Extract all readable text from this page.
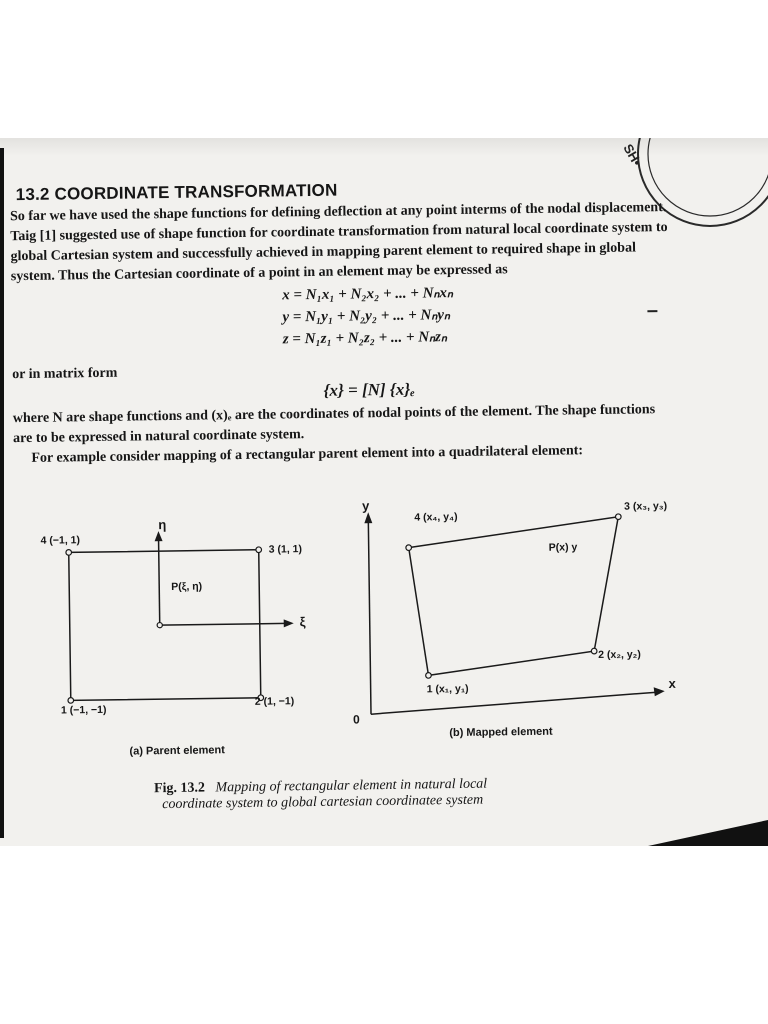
SH•
13.2 COORDINATE TRANSFORMATION
So far we have used the shape functions for defining deflection at any point interms of the nodal displacement.
Taig [1] suggested use of shape function for coordinate transformation from natural local coordinate system to
global Cartesian system and successfully achieved in mapping parent element to required shape in global
system. Thus the Cartesian coordinate of a point in an element may be expressed as
x = N₁x₁ + N₂x₂ + ... + Nₙxₙ
y = N₁y₁ + N₂y₂ + ... + Nₙyₙ
z = N₁z₁ + N₂z₂ + ... + Nₙzₙ
or in matrix form
{x} = [N] {x}ₑ
where N are shape functions and (x)ₑ are the coordinates of nodal points of the element. The shape functions
are to be expressed in natural coordinate system.
For example consider mapping of a rectangular parent element into a quadrilateral element:
η
ξ
4 (−1, 1)
3 (1, 1)
P(ξ, η)
1 (−1, −1)
2 (1, −1)
(a) Parent element
y
x
0
4 (x₄, y₄)
3 (x₃, y₃)
P(x) y
2 (x₂, y₂)
1 (x₁, y₁)
(b) Mapped element
Fig. 13.2 Mapping of rectangular element in natural local
coordinate system to global cartesian coordinatee system
